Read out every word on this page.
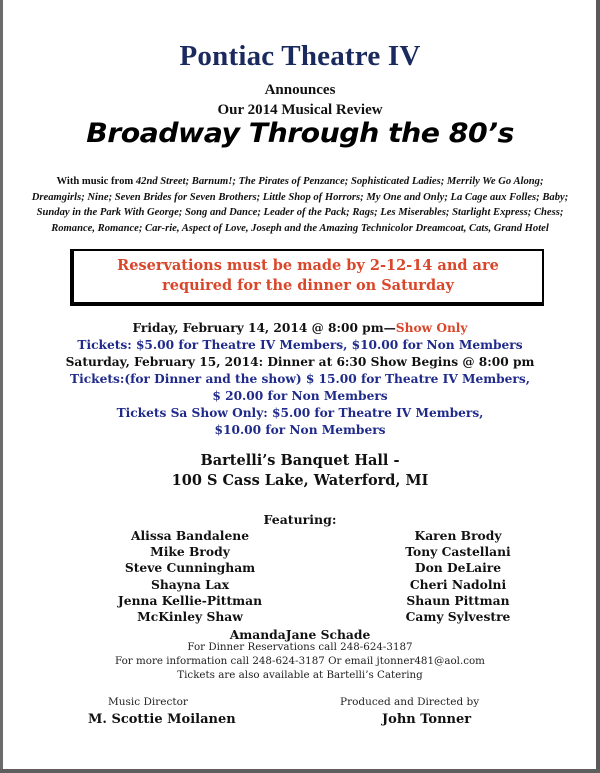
Pontiac Theatre IV
Announces
Our 2014 Musical Review
Broadway Through the 80’s
With music from 42nd Street; Barnum!; The Pirates of Penzance; Sophisticated Ladies; Merrily We Go Along; Dreamgirls; Nine; Seven Brides for Seven Brothers; Little Shop of Horrors; My One and Only; La Cage aux Folles; Baby; Sunday in the Park With George; Song and Dance; Leader of the Pack; Rags; Les Miserables; Starlight Express; Chess; Romance, Romance; Car-rie, Aspect of Love, Joseph and the Amazing Technicolor Dreamcoat, Cats, Grand Hotel
Reservations must be made by 2-12-14 and are
required for the dinner on Saturday
Friday, February 14, 2014 @ 8:00 pm—Show Only
Tickets: $5.00 for Theatre IV Members, $10.00 for Non Members
Saturday, February 15, 2014: Dinner at 6:30 Show Begins @ 8:00 pm
Tickets:(for Dinner and the show) $ 15.00 for Theatre IV Members,
$ 20.00 for Non Members
Tickets Sa Show Only: $5.00 for Theatre IV Members,
$10.00 for Non Members
Bartelli’s Banquet Hall -
100 S Cass Lake, Waterford, MI
Featuring:
Alissa Bandalene
Mike Brody
Steve Cunningham
Shayna Lax
Jenna Kellie-Pittman
McKinley Shaw
Karen Brody
Tony Castellani
Don DeLaire
Cheri Nadolni
Shaun Pittman
Camy Sylvestre
AmandaJane Schade
For Dinner Reservations call 248-624-3187
For more information call 248-624-3187 Or email jtonner481@aol.com
Tickets are also available at Bartelli’s Catering
Music Director
M. Scottie Moilanen
Produced and Directed by
John Tonner
